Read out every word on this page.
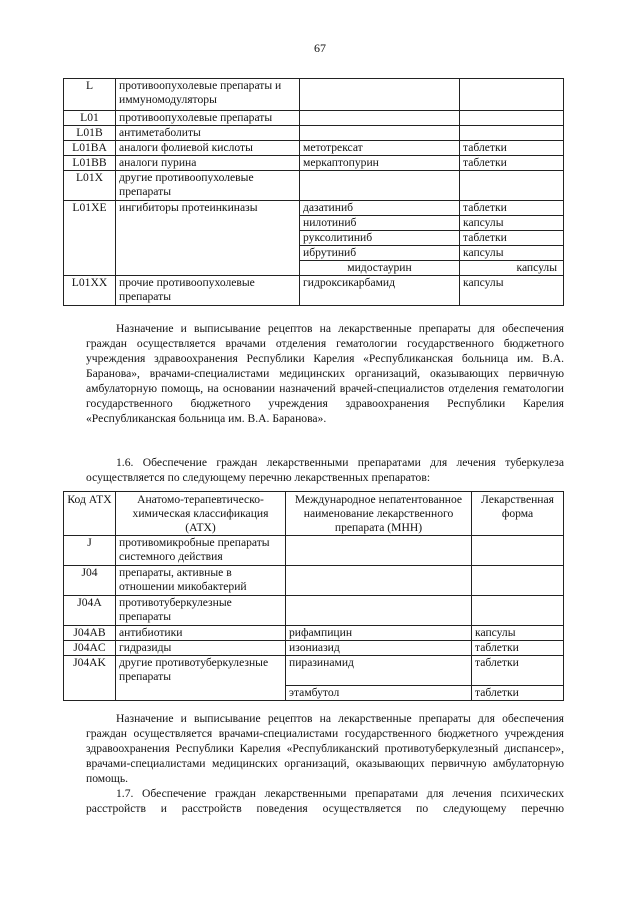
67
L	противоопухолевые препараты и иммуномодуляторы		
L01	противоопухолевые препараты		
L01B	антиметаболиты		
L01BA	аналоги фолиевой кислоты	метотрексат	таблетки
L01BB	аналоги пурина	меркаптопурин	таблетки
L01X	другие противоопухолевые препараты		
L01XE	ингибиторы протеинкиназы	дазатиниб	таблетки
		нилотиниб	капсулы
		руксолитиниб	таблетки
		ибрутиниб	капсулы
		мидостаурин	капсулы
L01XX	прочие противоопухолевые препараты	гидроксикарбамид	капсулы

Назначение и выписывание рецептов на лекарственные препараты для обеспечения граждан осуществляется врачами отделения гематологии государственного бюджетного учреждения здравоохранения Республики Карелия «Республиканская больница им. В.А. Баранова», врачами-специалистами медицинских организаций, оказывающих первичную амбулаторную помощь, на основании назначений врачей-специалистов отделения гематологии государственного бюджетного учреждения здравоохранения Республики Карелия «Республиканская больница им. В.А. Баранова».

1.6. Обеспечение граждан лекарственными препаратами для лечения туберкулеза осуществляется по следующему перечню лекарственных препаратов:

Код АТХ	Анатомо-терапевтическо-химическая классификация (АТХ)	Международное непатентованное наименование лекарственного препарата (МНН)	Лекарственная форма
J	противомикробные препараты системного действия		
J04	препараты, активные в отношении микобактерий		
J04A	противотуберкулезные препараты		
J04AB	антибиотики	рифампицин	капсулы
J04AC	гидразиды	изониазид	таблетки
J04AK	другие противотуберкулезные препараты	пиразинамид	таблетки
		этамбутол	таблетки

Назначение и выписывание рецептов на лекарственные препараты для обеспечения граждан осуществляется врачами-специалистами государственного бюджетного учреждения здравоохранения Республики Карелия «Республиканский противотуберкулезный диспансер», врачами-специалистами медицинских организаций, оказывающих первичную амбулаторную помощь.

1.7. Обеспечение граждан лекарственными препаратами для лечения психических расстройств и расстройств поведения осуществляется по следующему перечню
